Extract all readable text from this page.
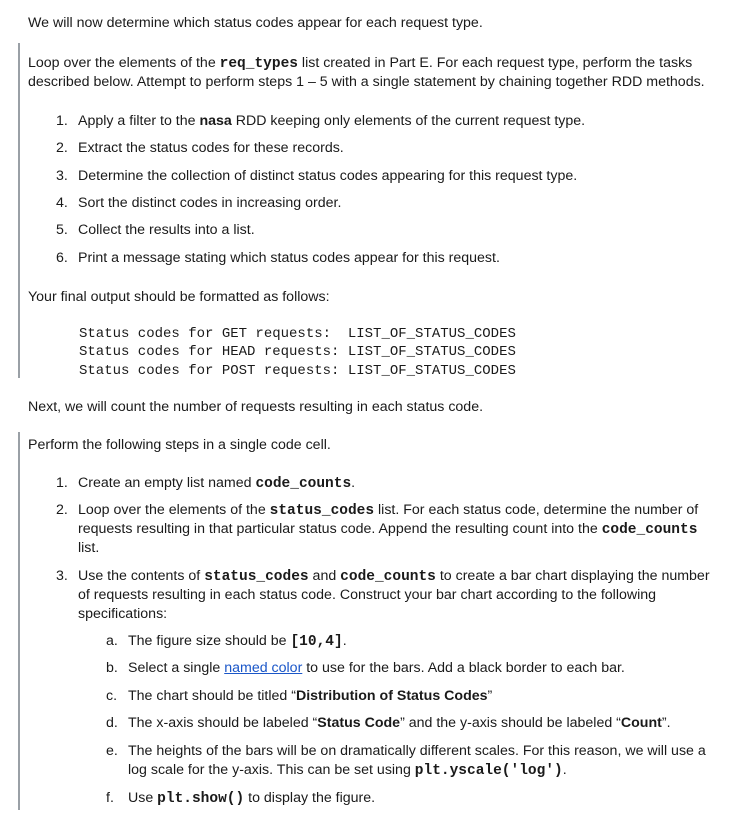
We will now determine which status codes appear for each request type.
Loop over the elements of the req_types list created in Part E. For each request type, perform the tasks
described below. Attempt to perform steps 1 – 5 with a single statement by chaining together RDD methods.
1. Apply a filter to the nasa RDD keeping only elements of the current request type.
2. Extract the status codes for these records.
3. Determine the collection of distinct status codes appearing for this request type.
4. Sort the distinct codes in increasing order.
5. Collect the results into a list.
6. Print a message stating which status codes appear for this request.
Your final output should be formatted as follows:
Status codes for GET requests:  LIST_OF_STATUS_CODES
Status codes for HEAD requests: LIST_OF_STATUS_CODES
Status codes for POST requests: LIST_OF_STATUS_CODES
Next, we will count the number of requests resulting in each status code.
Perform the following steps in a single code cell.
1. Create an empty list named code_counts.
2. Loop over the elements of the status_codes list. For each status code, determine the number of
requests resulting in that particular status code. Append the resulting count into the code_counts
list.
3. Use the contents of status_codes and code_counts to create a bar chart displaying the number
of requests resulting in each status code. Construct your bar chart according to the following
specifications:
a. The figure size should be [10,4].
b. Select a single named color to use for the bars. Add a black border to each bar.
c. The chart should be titled “Distribution of Status Codes”
d. The x-axis should be labeled “Status Code” and the y-axis should be labeled “Count”.
e. The heights of the bars will be on dramatically different scales. For this reason, we will use a
log scale for the y-axis. This can be set using plt.yscale('log').
f. Use plt.show() to display the figure.
